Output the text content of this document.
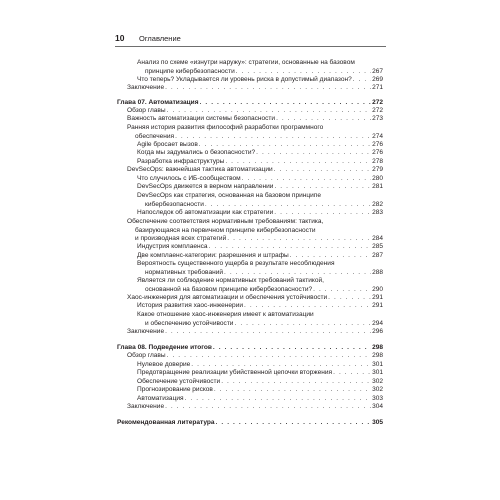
10 Оглавление
Анализ по схеме «изнутри наружу»: стратегии, основанные на базовом
принципе кибербезопасности . . .	267
Что теперь? Укладывается ли уровень риска в допустимый диапазон? . . .	269
Заключение . . .	271
Глава 07. Автоматизация . . .	272
Обзор главы . . .	272
Важность автоматизации системы безопасности . . .	273
Ранняя история развития философий разработки программного
обеспечения . . .	274
Agile бросает вызов . . .	276
Когда мы задумались о безопасности? . . .	276
Разработка инфраструктуры . . .	278
DevSecOps: важнейшая тактика автоматизации . . .	279
Что случилось с ИБ-сообществом . . .	280
DevSecOps движется в верном направлении . . .	281
DevSecOps как стратегия, основанная на базовом принципе
кибербезопасности . . .	282
Напоследок об автоматизации как стратегии . . .	283
Обеспечение соответствия нормативным требованиям: тактика,
базирующаяся на первичном принципе кибербезопасности
и производная всех стратегий . . .	284
Индустрия комплаенса . . .	285
Две комплаенс-категории: разрешения и штрафы . . .	287
Вероятность существенного ущерба в результате несоблюдения
нормативных требований . . .	288
Является ли соблюдение нормативных требований тактикой,
основанной на базовом принципе кибербезопасности? . . .	290
Хаос-инженерия для автоматизации и обеспечения устойчивости . . .	291
История развития хаос-инженерии . . .	291
Какое отношение хаос-инженерия имеет к автоматизации
и обеспечению устойчивости . . .	294
Заключение . . .	296
Глава 08. Подведение итогов . . .	298
Обзор главы . . .	298
Нулевое доверие . . .	301
Предотвращение реализации убийственной цепочки вторжения . . .	301
Обеспечение устойчивости . . .	302
Прогнозирование рисков . . .	302
Автоматизация . . .	303
Заключение . . .	304
Рекомендованная литература . . .	305
